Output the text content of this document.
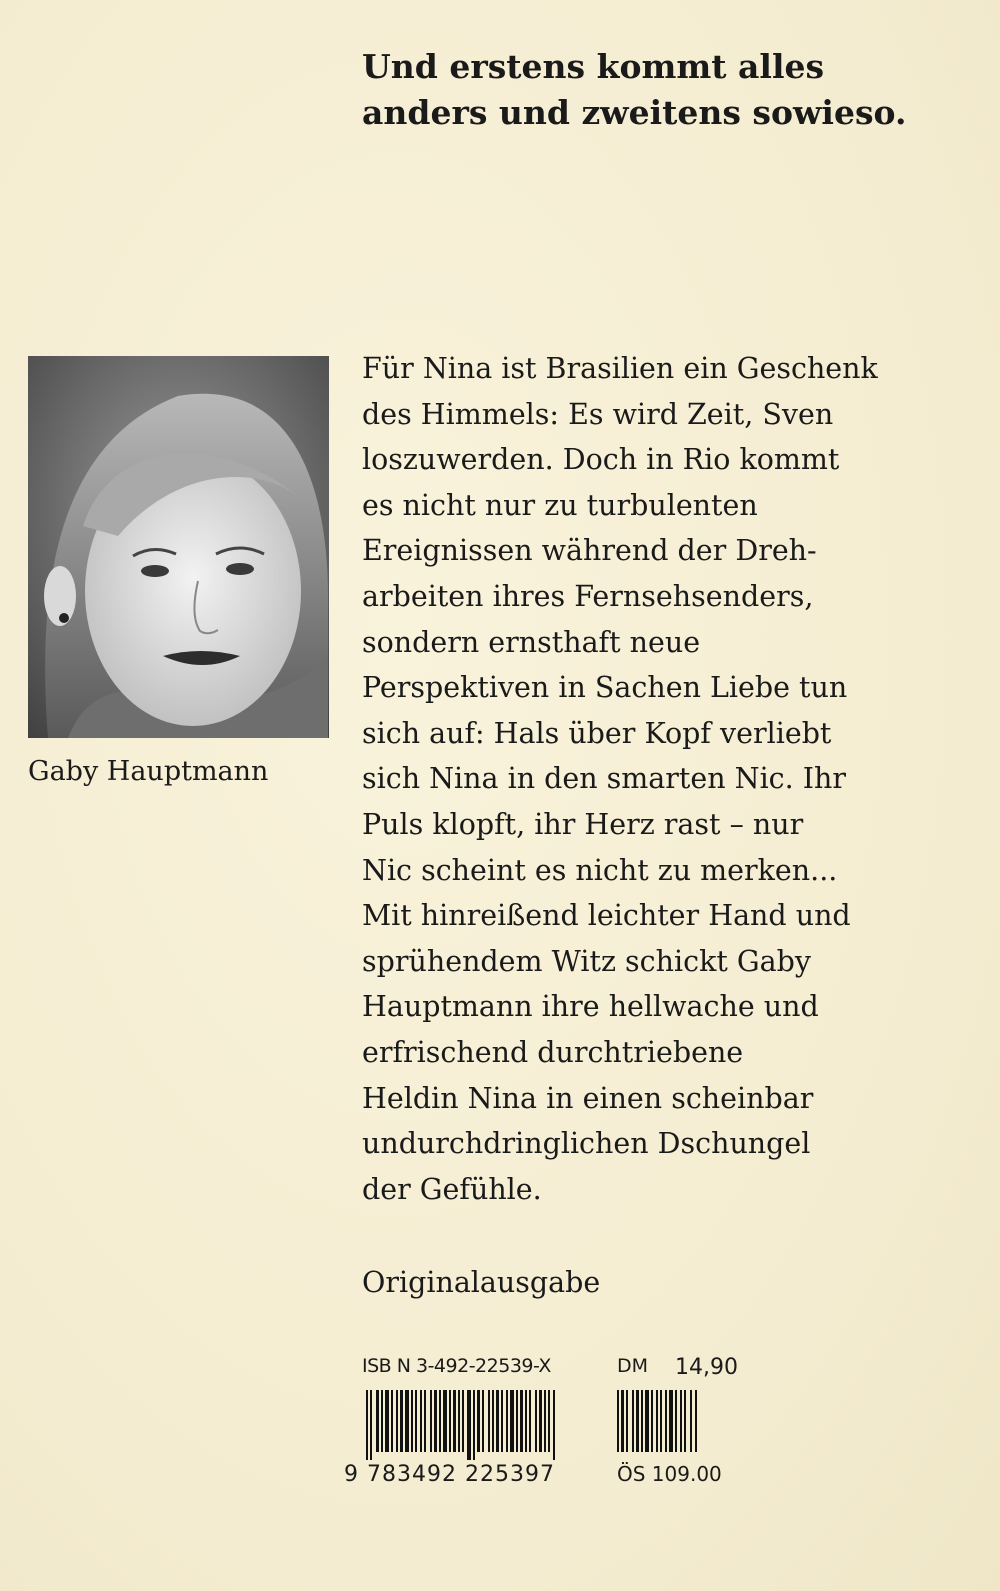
Und erstens kommt alles
anders und zweitens sowieso.
Gaby Hauptmann
Für Nina ist Brasilien ein Geschenk
des Himmels: Es wird Zeit, Sven
loszuwerden. Doch in Rio kommt
es nicht nur zu turbulenten
Ereignissen während der Dreh-
arbeiten ihres Fernsehsenders,
sondern ernsthaft neue
Perspektiven in Sachen Liebe tun
sich auf: Hals über Kopf verliebt
sich Nina in den smarten Nic. Ihr
Puls klopft, ihr Herz rast – nur
Nic scheint es nicht zu merken...
Mit hinreißend leichter Hand und
sprühendem Witz schickt Gaby
Hauptmann ihre hellwache und
erfrischend durchtriebene
Heldin Nina in einen scheinbar
undurchdringlichen Dschungel
der Gefühle.
Originalausgabe
ISB N 3-492-22539-X	DM 14,90
9 783492 225397	ÖS 109.00
